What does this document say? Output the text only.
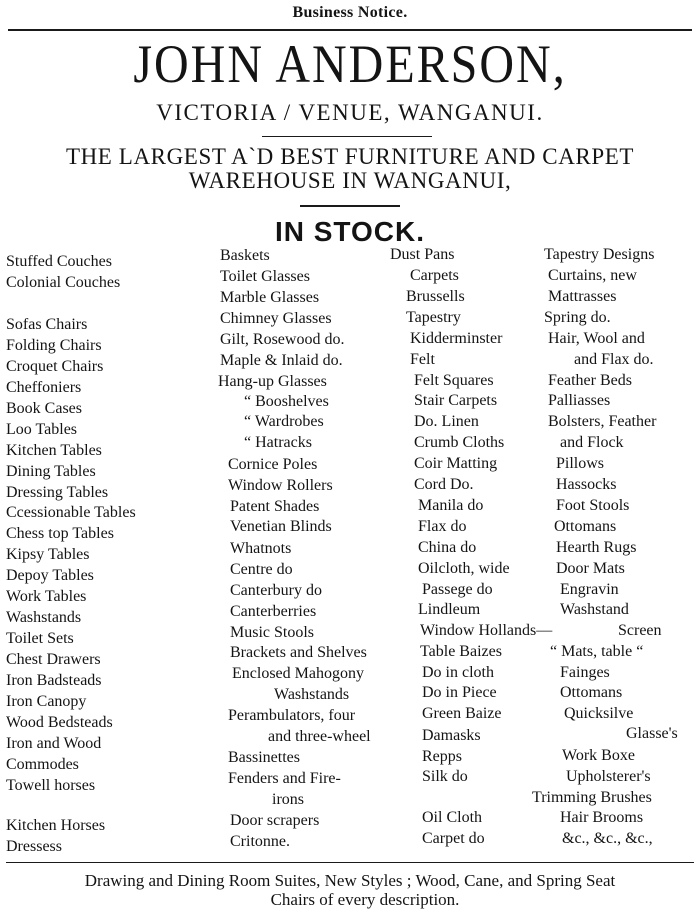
Business Notice.
JOHN ANDERSON,
VICTORIA / VENUE, WANGANUI.
THE LARGEST A`D BEST FURNITURE AND CARPET
WAREHOUSE IN WANGANUI,
IN STOCK.
Stuffed Couches
Colonial Couches
Sofas Chairs
Folding Chairs
Croquet Chairs
Cheffoniers
Book Cases
Loo Tables
Kitchen Tables
Dining Tables
Dressing Tables
Ccessionable Tables
Chess top Tables
Kipsy Tables
Depoy Tables
Work Tables
Washstands
Toilet Sets
Chest Drawers
Iron Badsteads
Iron Canopy
Wood Bedsteads
Iron and Wood
Commodes
Towell horses
Kitchen Horses
Dressess
Baskets
Toilet Glasses
Marble Glasses
Chimney Glasses
Gilt, Rosewood do.
Maple & Inlaid do.
Hang-up Glasses
“ Booshelves
“ Wardrobes
“ Hatracks
Cornice Poles
Window Rollers
Patent Shades
Venetian Blinds
Whatnots
Centre do
Canterbury do
Canterberries
Music Stools
Brackets and Shelves
Enclosed Mahogony
Washstands
Perambulators, four
and three-wheel
Bassinettes
Fenders and Fire-
irons
Door scrapers
Critonne.
Dust Pans
Carpets
Brussells
Tapestry
Kidderminster
Felt
Felt Squares
Stair Carpets
Do. Linen
Crumb Cloths
Coir Matting
Cord Do.
Manila do
Flax do
China do
Oilcloth, wide
Passege do
Lindleum
Window Hollands—
Table Baizes
Do in cloth
Do in Piece
Green Baize
Damasks
Repps
Silk do
Oil Cloth
Carpet do
Tapestry Designs
Curtains, new
Mattrasses
Spring do.
Hair, Wool and
and Flax do.
Feather Beds
Palliasses
Bolsters, Feather
and Flock
Pillows
Hassocks
Foot Stools
Ottomans
Hearth Rugs
Door Mats
Engravin
Washstand
Screen
“ Mats, table “
Fainges
Ottomans
Quicksilve
Glasse's
Work Boxe
Upholsterer's
Trimming Brushes
Hair Brooms
&c., &c., &c.,
Drawing and Dining Room Suites, New Styles ; Wood, Cane, and Spring Seat
Chairs of every description.
